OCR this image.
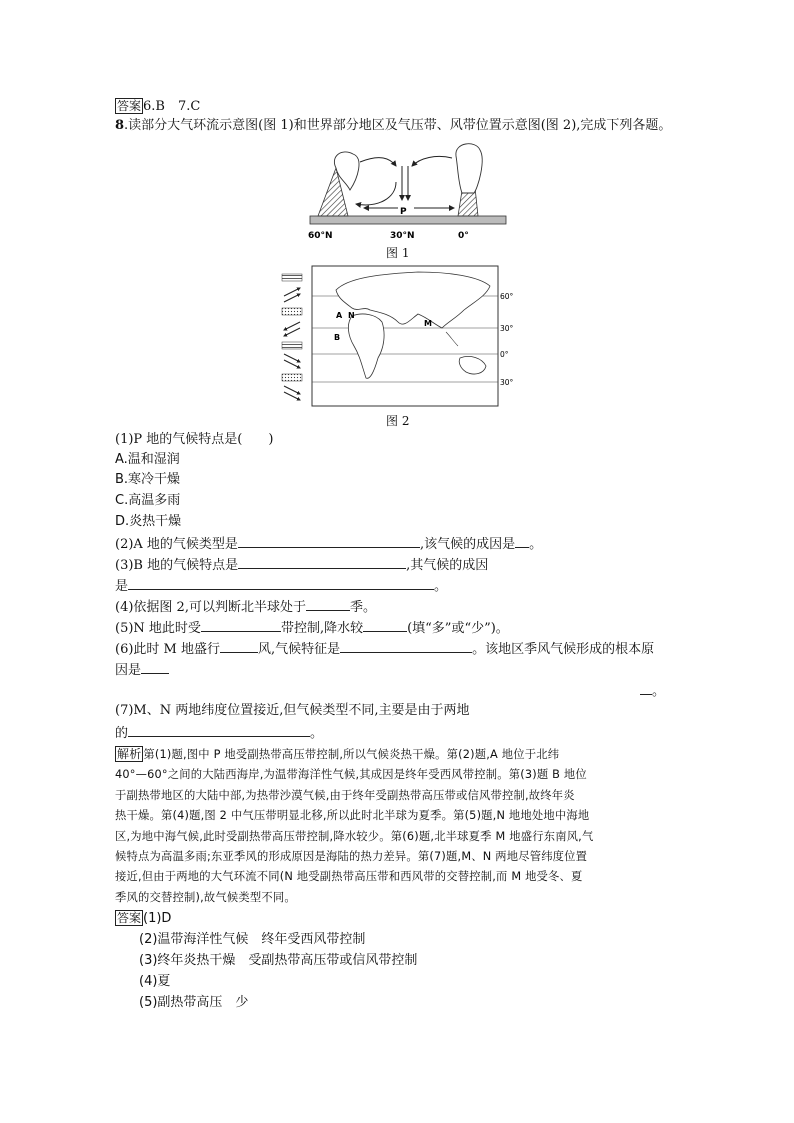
答案 6.B　7.C
8.读部分大气环流示意图(图 1)和世界部分地区及气压带、风带位置示意图(图 2),完成下列各题。
P
60°N	30°N	0°
图 1
A N
B
M
60°
30°
0°
30°
图 2
(1)P 地的气候特点是(　　)
A.温和湿润
B.寒冷干燥
C.高温多雨
D.炎热干燥
(2)A 地的气候类型是	,该气候的成因是 。
(3)B 地的气候特点是	,其气候的成因
是	。
(4)依据图 2,可以判断北半球处于	季。
(5)N 地此时受	带控制,降水较	(填“多”或“少”)。
(6)此时 M 地盛行	风,气候特征是	。该地区季风气候形成的根本原
因是
。
(7)M、N 两地纬度位置接近,但气候类型不同,主要是由于两地
的	。
解析 第(1)题,图中 P 地受副热带高压带控制,所以气候炎热干燥。第(2)题,A 地位于北纬
40°—60°之间的大陆西海岸,为温带海洋性气候,其成因是终年受西风带控制。第(3)题 B 地位
于副热带地区的大陆中部,为热带沙漠气候,由于终年受副热带高压带或信风带控制,故终年炎
热干燥。第(4)题,图 2 中气压带明显北移,所以此时北半球为夏季。第(5)题,N 地地处地中海地
区,为地中海气候,此时受副热带高压带控制,降水较少。第(6)题,北半球夏季 M 地盛行东南风,气
候特点为高温多雨;东亚季风的形成原因是海陆的热力差异。第(7)题,M、N 两地尽管纬度位置
接近,但由于两地的大气环流不同(N 地受副热带高压带和西风带的交替控制,而 M 地受冬、夏
季风的交替控制),故气候类型不同。
答案 (1)D
(2)温带海洋性气候　终年受西风带控制
(3)终年炎热干燥　受副热带高压带或信风带控制
(4)夏
(5)副热带高压　少
